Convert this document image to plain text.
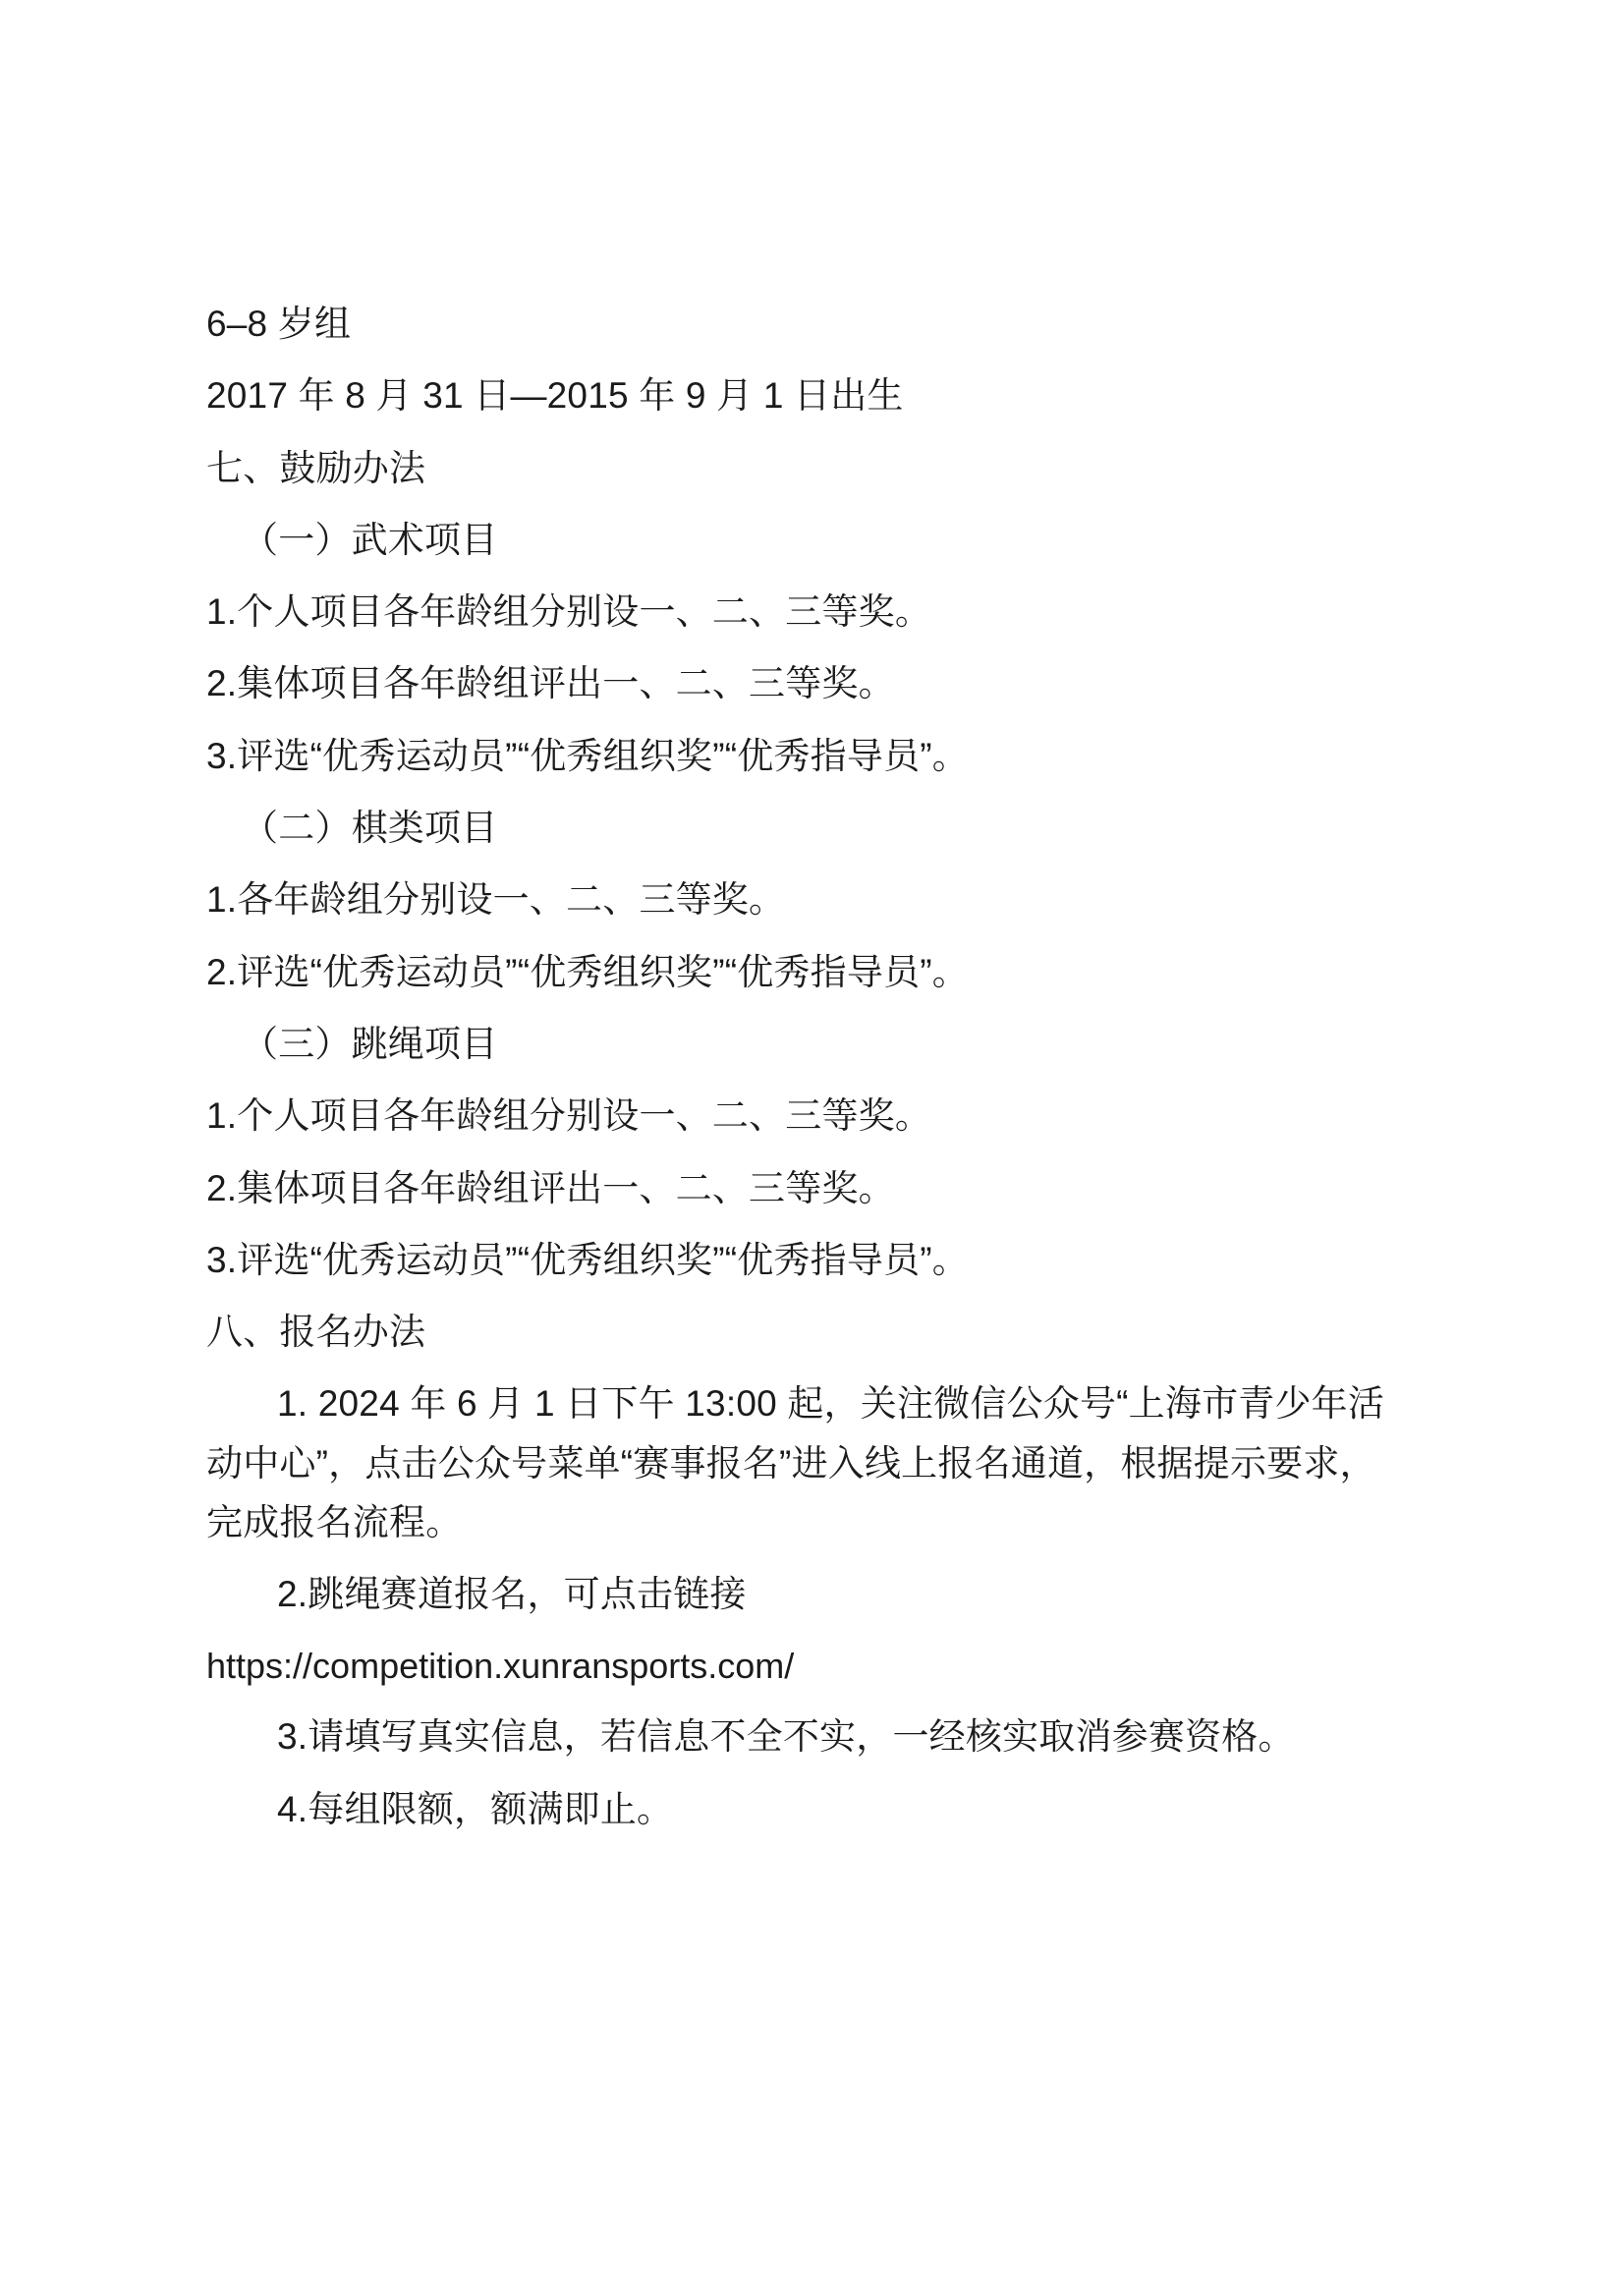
6–8 岁组

2017 年 8 月 31 日—2015 年 9 月 1 日出生

七、鼓励办法

（一）武术项目

1.个人项目各年龄组分别设一、二、三等奖。

2.集体项目各年龄组评出一、二、三等奖。

3.评选“优秀运动员”“优秀组织奖”“优秀指导员”。

（二）棋类项目

1.各年龄组分别设一、二、三等奖。

2.评选“优秀运动员”“优秀组织奖”“优秀指导员”。

（三）跳绳项目

1.个人项目各年龄组分别设一、二、三等奖。

2.集体项目各年龄组评出一、二、三等奖。

3.评选“优秀运动员”“优秀组织奖”“优秀指导员”。

八、报名办法

1. 2024 年 6 月 1 日下午 13:00 起，关注微信公众号“上海市青少年活动中心”，点击公众号菜单“赛事报名”进入线上报名通道，根据提示要求，完成报名流程。

2.跳绳赛道报名，可点击链接

https://competition.xunransports.com/

3.请填写真实信息，若信息不全不实，一经核实取消参赛资格。

4.每组限额，额满即止。
